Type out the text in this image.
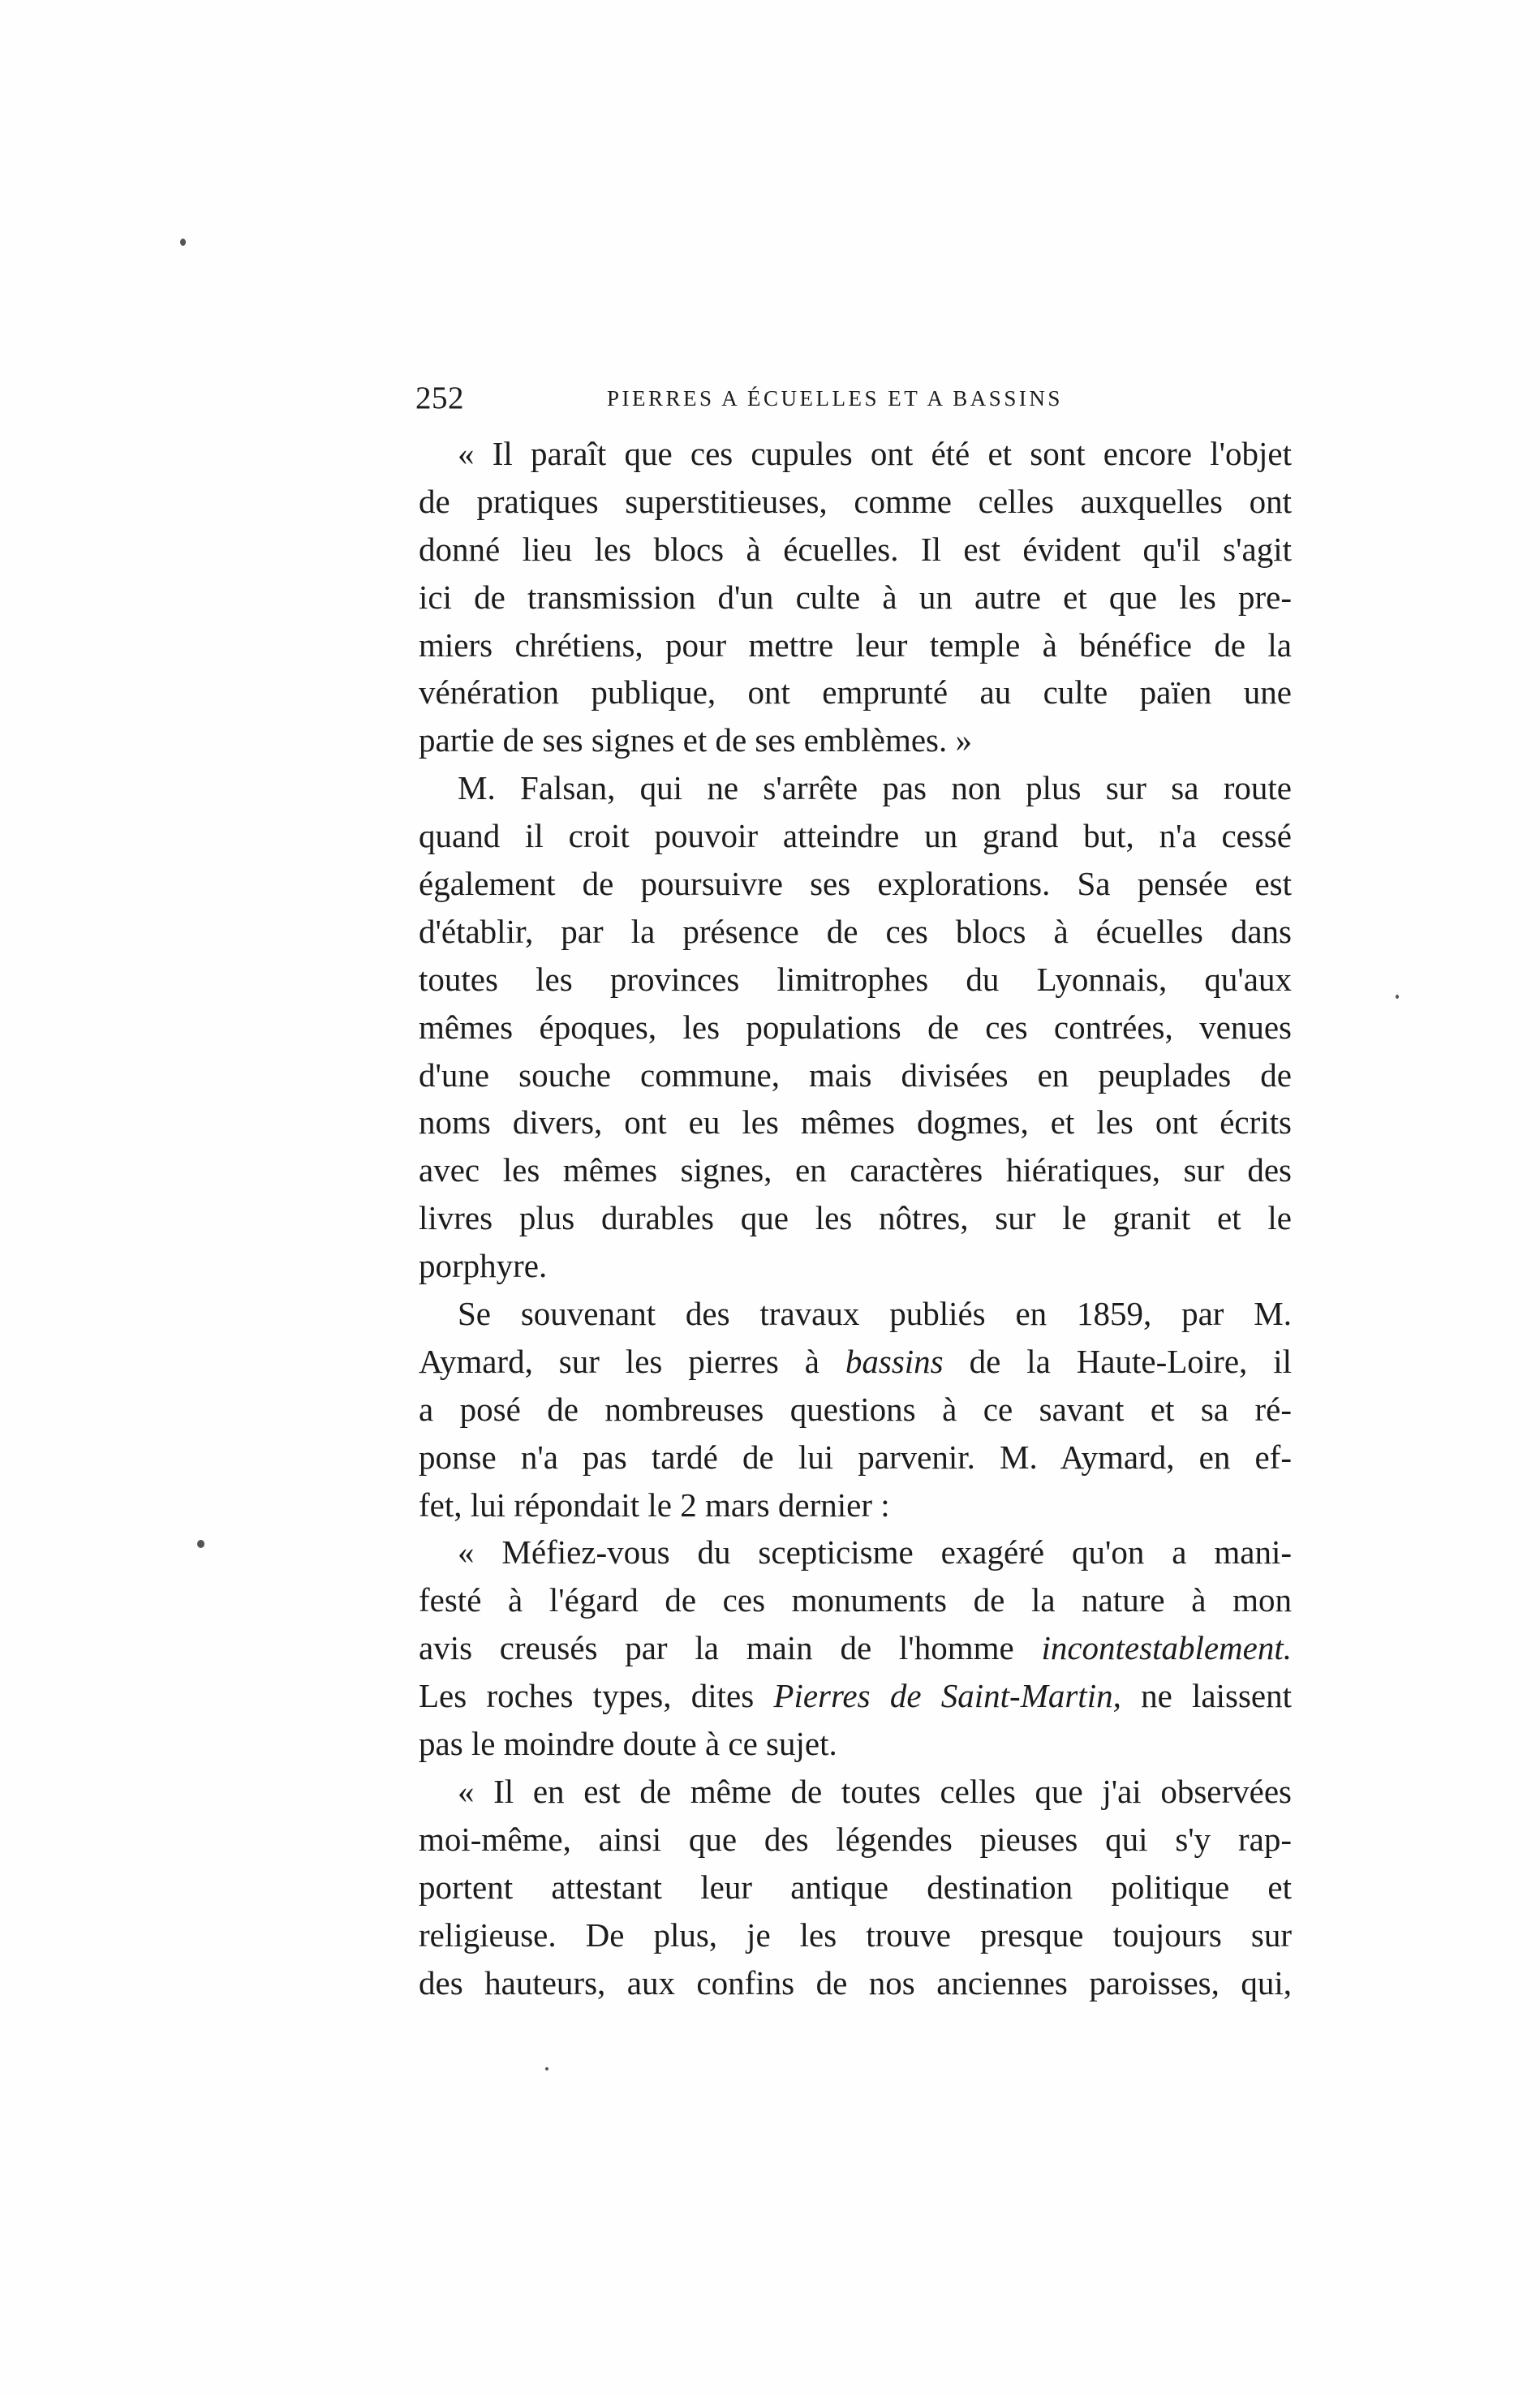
252	PIERRES A ÉCUELLES ET A BASSINS
« Il paraît que ces cupules ont été et sont encore l'objet
de pratiques superstitieuses, comme celles auxquelles ont
donné lieu les blocs à écuelles. Il est évident qu'il s'agit
ici de transmission d'un culte à un autre et que les pre-
miers chrétiens, pour mettre leur temple à bénéfice de la
vénération publique, ont emprunté au culte païen une
partie de ses signes et de ses emblèmes. »
M. Falsan, qui ne s'arrête pas non plus sur sa route
quand il croit pouvoir atteindre un grand but, n'a cessé
également de poursuivre ses explorations. Sa pensée est
d'établir, par la présence de ces blocs à écuelles dans
toutes les provinces limitrophes du Lyonnais, qu'aux
mêmes époques, les populations de ces contrées, venues
d'une souche commune, mais divisées en peuplades de
noms divers, ont eu les mêmes dogmes, et les ont écrits
avec les mêmes signes, en caractères hiératiques, sur des
livres plus durables que les nôtres, sur le granit et le
porphyre.
Se souvenant des travaux publiés en 1859, par M.
Aymard, sur les pierres à bassins de la Haute-Loire, il
a posé de nombreuses questions à ce savant et sa ré-
ponse n'a pas tardé de lui parvenir. M. Aymard, en ef-
fet, lui répondait le 2 mars dernier :
« Méfiez-vous du scepticisme exagéré qu'on a mani-
festé à l'égard de ces monuments de la nature à mon
avis creusés par la main de l'homme incontestablement.
Les roches types, dites Pierres de Saint-Martin, ne laissent
pas le moindre doute à ce sujet.
« Il en est de même de toutes celles que j'ai observées
moi-même, ainsi que des légendes pieuses qui s'y rap-
portent attestant leur antique destination politique et
religieuse. De plus, je les trouve presque toujours sur
des hauteurs, aux confins de nos anciennes paroisses, qui,
